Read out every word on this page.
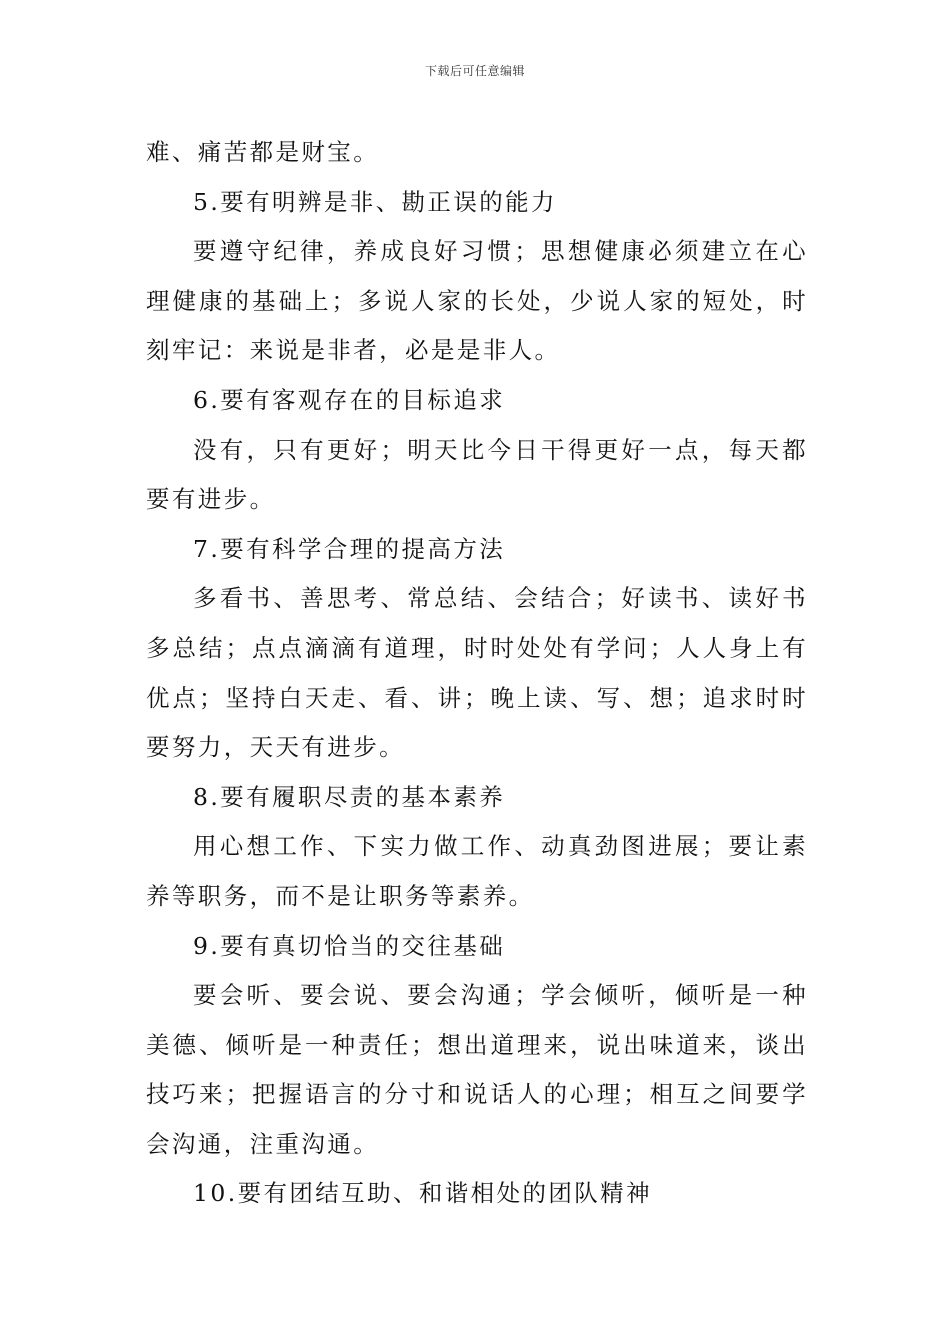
下载后可任意编辑

难、痛苦都是财宝。

5.要有明辨是非、勘正误的能力

要遵守纪律，养成良好习惯；思想健康必须建立在心理健康的基础上；多说人家的长处，少说人家的短处，时刻牢记：来说是非者，必是是非人。

6.要有客观存在的目标追求

没有，只有更好；明天比今日干得更好一点，每天都要有进步。

7.要有科学合理的提高方法

多看书、善思考、常总结、会结合；好读书、读好书多总结；点点滴滴有道理，时时处处有学问；人人身上有优点；坚持白天走、看、讲；晚上读、写、想；追求时时要努力，天天有进步。

8.要有履职尽责的基本素养

用心想工作、下实力做工作、动真劲图进展；要让素养等职务，而不是让职务等素养。

9.要有真切恰当的交往基础

要会听、要会说、要会沟通；学会倾听，倾听是一种美德、倾听是一种责任；想出道理来，说出味道来，谈出技巧来；把握语言的分寸和说话人的心理；相互之间要学会沟通，注重沟通。

10.要有团结互助、和谐相处的团队精神
